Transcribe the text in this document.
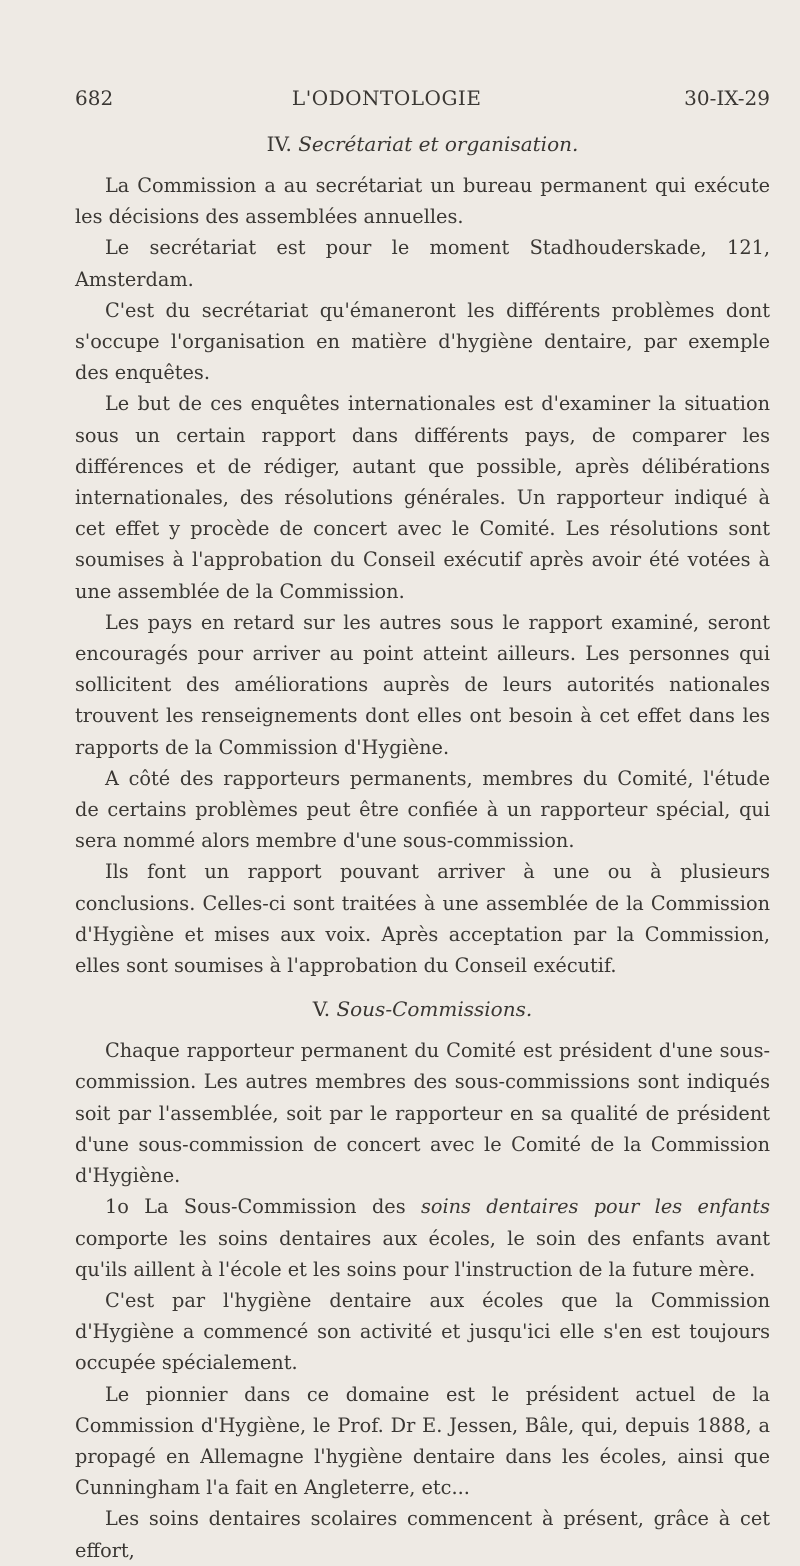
682	L'ODONTOLOGIE	30-IX-29
IV. Secrétariat et organisation.

La Commission a au secrétariat un bureau permanent qui exécute les décisions des assemblées annuelles.

Le secrétariat est pour le moment Stadhouderskade, 121, Amsterdam.

C'est du secrétariat qu'émaneront les différents problèmes dont s'occupe l'organisation en matière d'hygiène dentaire, par exemple des enquêtes.

Le but de ces enquêtes internationales est d'examiner la situation sous un certain rapport dans différents pays, de comparer les différences et de rédiger, autant que possible, après délibérations internationales, des résolutions générales. Un rapporteur indiqué à cet effet y procède de concert avec le Comité. Les résolutions sont soumises à l'approbation du Conseil exécutif après avoir été votées à une assemblée de la Commission.

Les pays en retard sur les autres sous le rapport examiné, seront encouragés pour arriver au point atteint ailleurs. Les personnes qui sollicitent des améliorations auprès de leurs autorités nationales trouvent les renseignements dont elles ont besoin à cet effet dans les rapports de la Commission d'Hygiène.

A côté des rapporteurs permanents, membres du Comité, l'étude de certains problèmes peut être confiée à un rapporteur spécial, qui sera nommé alors membre d'une sous-commission.

Ils font un rapport pouvant arriver à une ou à plusieurs conclusions. Celles-ci sont traitées à une assemblée de la Commission d'Hygiène et mises aux voix. Après acceptation par la Commission, elles sont soumises à l'approbation du Conseil exécutif.

V. Sous-Commissions.

Chaque rapporteur permanent du Comité est président d'une sous-commission. Les autres membres des sous-commissions sont indiqués soit par l'assemblée, soit par le rapporteur en sa qualité de président d'une sous-commission de concert avec le Comité de la Commission d'Hygiène.

1o La Sous-Commission des soins dentaires pour les enfants comporte les soins dentaires aux écoles, le soin des enfants avant qu'ils aillent à l'école et les soins pour l'instruction de la future mère.

C'est par l'hygiène dentaire aux écoles que la Commission d'Hygiène a commencé son activité et jusqu'ici elle s'en est toujours occupée spécialement.

Le pionnier dans ce domaine est le président actuel de la Commission d'Hygiène, le Prof. Dr E. Jessen, Bâle, qui, depuis 1888, a propagé en Allemagne l'hygiène dentaire dans les écoles, ainsi que Cunningham l'a fait en Angleterre, etc...

Les soins dentaires scolaires commencent à présent, grâce à cet effort,
